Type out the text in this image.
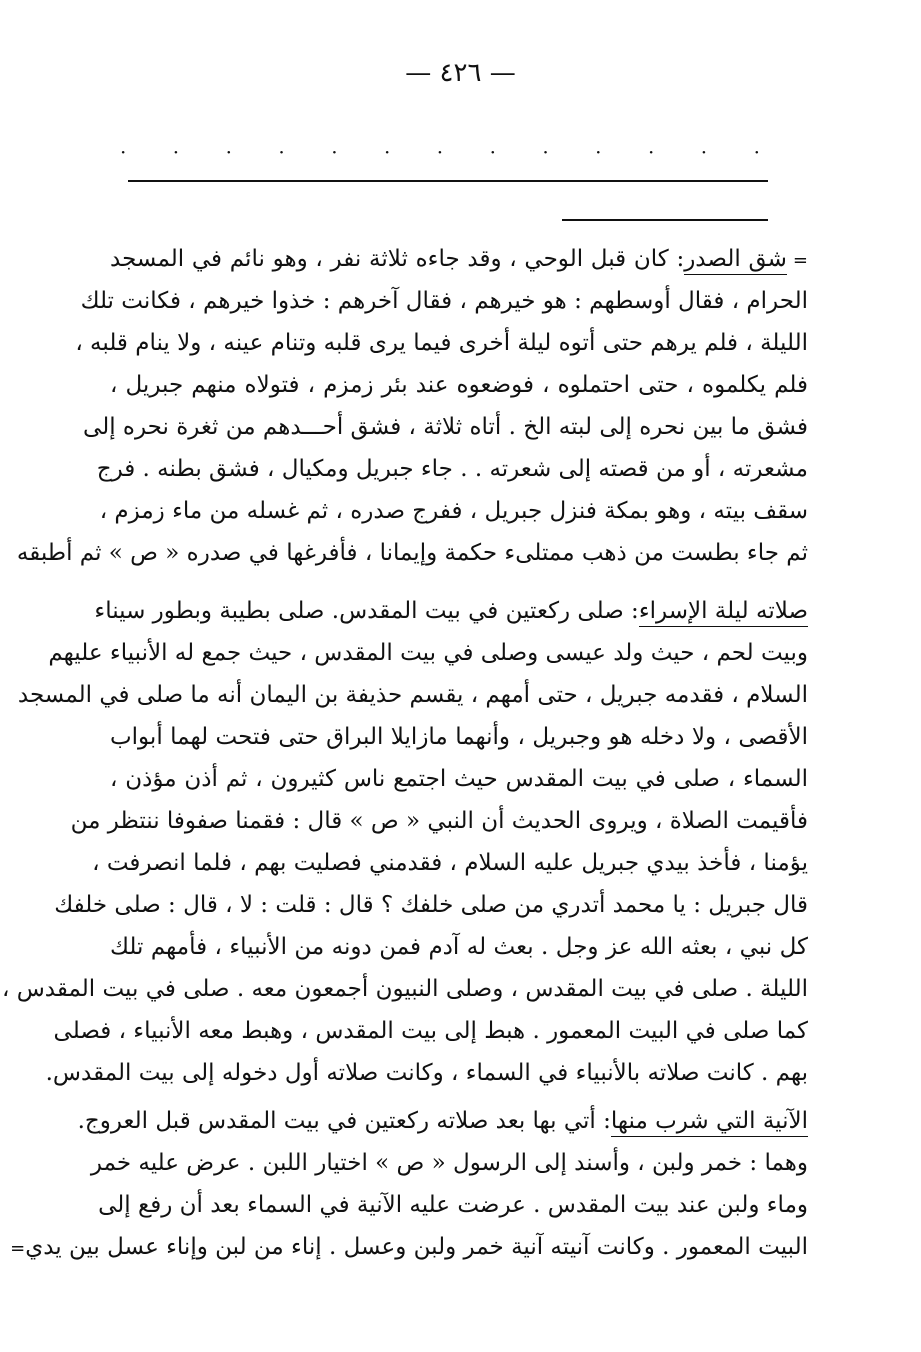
— ٤٢٦ —
· · · · · · · · · · · · ·
=شق الصدر: كان قبل الوحي ، وقد جاءه ثلاثة نفر ، وهو نائم في المسجد
الحرام ، فقال أوسطهم : هو خيرهم ، فقال آخرهم : خذوا خيرهم ، فكانت تلك
الليلة ، فلم يرهم حتى أتوه ليلة أخرى فيما يرى قلبه وتنام عينه ، ولا ينام قلبه ،
فلم يكلموه ، حتى احتملوه ، فوضعوه عند بئر زمزم ، فتولاه منهم جبريل ،
فشق ما بين نحره إلى لبته الخ . أتاه ثلاثة ، فشق أحـــدهم من ثغرة نحره إلى
مشعرته ، أو من قصته إلى شعرته . . جاء جبريل ومكيال ، فشق بطنه . فرج
سقف بيته ، وهو بمكة فنزل جبريل ، ففرج صدره ، ثم غسله من ماء زمزم ،
ثم جاء بطست من ذهب ممتلىء حكمة وإيمانا ، فأفرغها في صدره « ص » ثم أطبقه
صلاته ليلة الإسراء: صلى ركعتين في بيت المقدس. صلى بطيبة وبطور سيناء
وبيت لحم ، حيث ولد عيسى وصلى في بيت المقدس ، حيث جمع له الأنبياء عليهم
السلام ، فقدمه جبريل ، حتى أمهم ، يقسم حذيفة بن اليمان أنه ما صلى في المسجد
الأقصى ، ولا دخله هو وجبريل ، وأنهما مازايلا البراق حتى فتحت لهما أبواب
السماء ، صلى في بيت المقدس حيث اجتمع ناس كثيرون ، ثم أذن مؤذن ،
فأقيمت الصلاة ، ويروى الحديث أن النبي « ص » قال : فقمنا صفوفا ننتظر من
يؤمنا ، فأخذ بيدي جبريل عليه السلام ، فقدمني فصليت بهم ، فلما انصرفت ،
قال جبريل : يا محمد أتدري من صلى خلفك ؟ قال : قلت : لا ، قال : صلى خلفك
كل نبي ، بعثه الله عز وجل . بعث له آدم فمن دونه من الأنبياء ، فأمهم تلك
الليلة . صلى في بيت المقدس ، وصلى النبيون أجمعون معه . صلى في بيت المقدس ،
كما صلى في البيت المعمور . هبط إلى بيت المقدس ، وهبط معه الأنبياء ، فصلى
بهم . كانت صلاته بالأنبياء في السماء ، وكانت صلاته أول دخوله إلى بيت المقدس.
الآنية التي شرب منها: أتي بها بعد صلاته ركعتين في بيت المقدس قبل العروج.
وهما : خمر ولبن ، وأسند إلى الرسول « ص » اختيار اللبن . عرض عليه خمر
وماء ولبن عند بيت المقدس . عرضت عليه الآنية في السماء بعد أن رفع إلى
البيت المعمور . وكانت آنيته آنية خمر ولبن وعسل . إناء من لبن وإناء عسل بين يدي=
